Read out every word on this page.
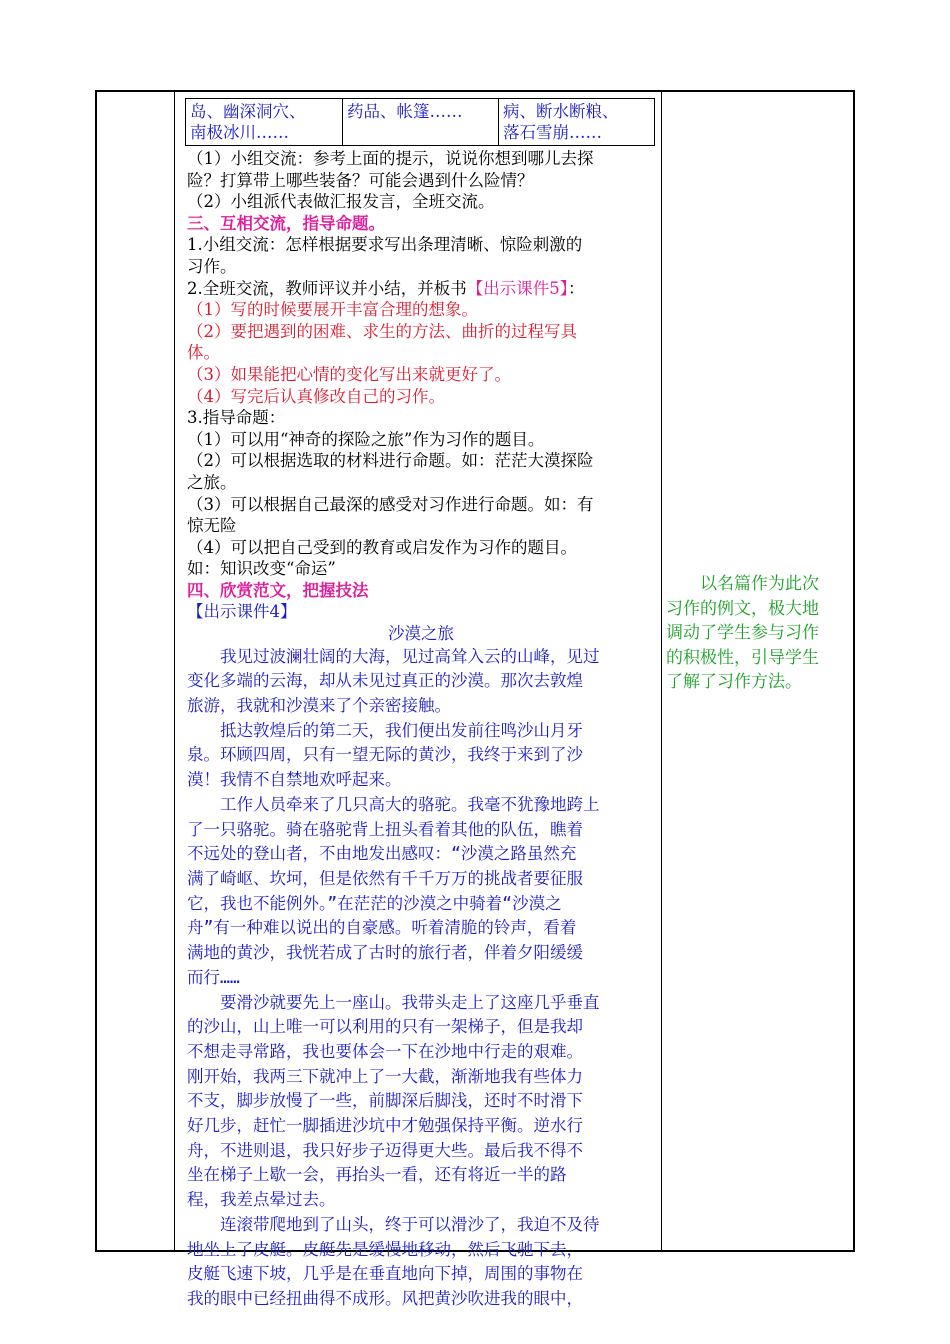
岛、幽深洞穴、
南极冰川……
药品、帐篷……	病、断水断粮、
落石雪崩……
（1）小组交流：参考上面的提示，说说你想到哪儿去探
险？打算带上哪些装备？可能会遇到什么险情？
（2）小组派代表做汇报发言，全班交流。
三、互相交流，指导命题。
1.小组交流：怎样根据要求写出条理清晰、惊险刺激的
习作。
2.全班交流，教师评议并小结，并板书【出示课件5】：
（1）写的时候要展开丰富合理的想象。
（2）要把遇到的困难、求生的方法、曲折的过程写具
体。
（3）如果能把心情的变化写出来就更好了。
（4）写完后认真修改自己的习作。
3.指导命题：
（1）可以用“神奇的探险之旅”作为习作的题目。
（2）可以根据选取的材料进行命题。如：茫茫大漠探险
之旅。
（3）可以根据自己最深的感受对习作进行命题。如：有
惊无险
（4）可以把自己受到的教育或启发作为习作的题目。
如：知识改变“命运”
四、欣赏范文，把握技法
【出示课件4】
沙漠之旅
　　我见过波澜壮阔的大海，见过高耸入云的山峰，见过
变化多端的云海，却从未见过真正的沙漠。那次去敦煌
旅游，我就和沙漠来了个亲密接触。
　　抵达敦煌后的第二天，我们便出发前往鸣沙山月牙
泉。环顾四周，只有一望无际的黄沙，我终于来到了沙
漠！我情不自禁地欢呼起来。
　　工作人员牵来了几只高大的骆驼。我毫不犹豫地跨上
了一只骆驼。骑在骆驼背上扭头看着其他的队伍，瞧着
不远处的登山者，不由地发出感叹：“沙漠之路虽然充
满了崎岖、坎坷，但是依然有千千万万的挑战者要征服
它，我也不能例外。”在茫茫的沙漠之中骑着“沙漠之
舟”有一种难以说出的自豪感。听着清脆的铃声，看着
满地的黄沙，我恍若成了古时的旅行者，伴着夕阳缓缓
而行……
　　要滑沙就要先上一座山。我带头走上了这座几乎垂直
的沙山，山上唯一可以利用的只有一架梯子，但是我却
不想走寻常路，我也要体会一下在沙地中行走的艰难。
刚开始，我两三下就冲上了一大截，渐渐地我有些体力
不支，脚步放慢了一些，前脚深后脚浅，还时不时滑下
好几步，赶忙一脚插进沙坑中才勉强保持平衡。逆水行
舟，不进则退，我只好步子迈得更大些。最后我不得不
坐在梯子上歇一会，再抬头一看，还有将近一半的路
程，我差点晕过去。
　　连滚带爬地到了山头，终于可以滑沙了，我迫不及待
地坐上了皮艇。皮艇先是缓慢地移动，然后飞驰下去，
皮艇飞速下坡，几乎是在垂直地向下掉，周围的事物在
我的眼中已经扭曲得不成形。风把黄沙吹进我的眼中，
　　以名篇作为此次
习作的例文，极大地
调动了学生参与习作
的积极性，引导学生
了解了习作方法。
